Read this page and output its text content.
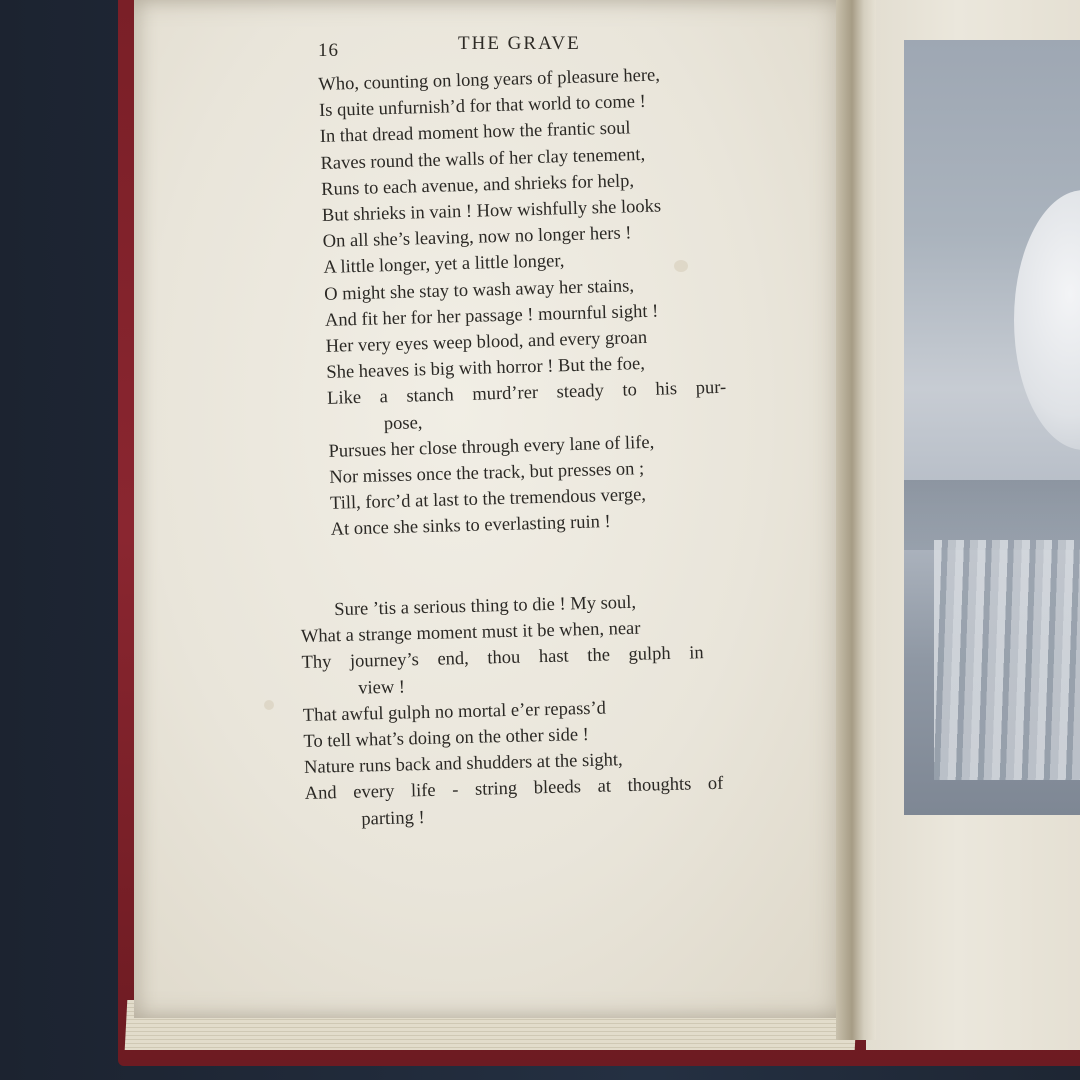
16	THE GRAVE
Who, counting on long years of pleasure here,
Is quite unfurnish’d for that world to come !
In that dread moment how the frantic soul
Raves round the walls of her clay tenement,
Runs to each avenue, and shrieks for help,
But shrieks in vain ! How wishfully she looks
On all she’s leaving, now no longer hers !
A little longer, yet a little longer,
O might she stay to wash away her stains,
And fit her for her passage ! mournful sight !
Her very eyes weep blood, and every groan
She heaves is big with horror ! But the foe,
Like a stanch murd’rer steady to his pur-
pose,
Pursues her close through every lane of life,
Nor misses once the track, but presses on ;
Till, forc’d at last to the tremendous verge,
At once she sinks to everlasting ruin !
Sure ’tis a serious thing to die ! My soul,
What a strange moment must it be when, near
Thy journey’s end, thou hast the gulph in
view !
That awful gulph no mortal e’er repass’d
To tell what’s doing on the other side !
Nature runs back and shudders at the sight,
And every life - string bleeds at thoughts of
parting !
